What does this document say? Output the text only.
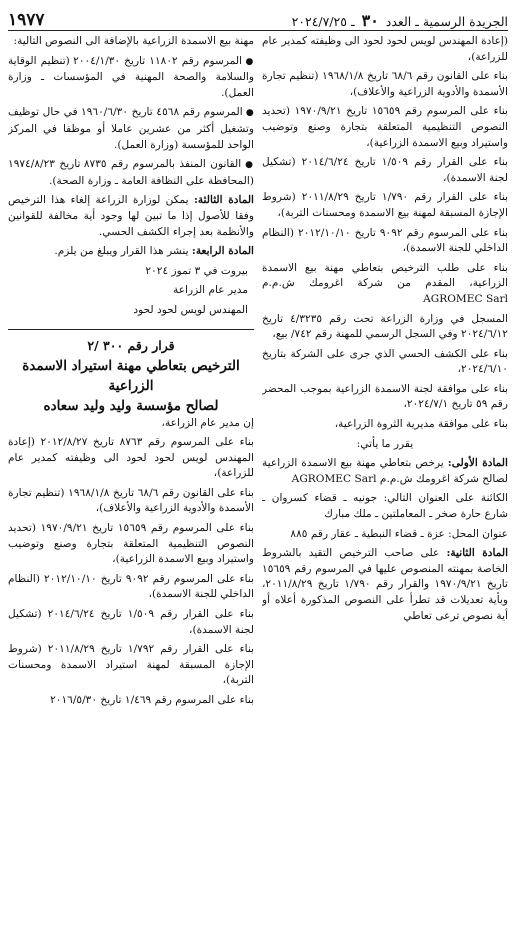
الجريدة الرسمية ـ العدد ٣٠ ـ ٢٠٢٤/٧/٢٥
١٩٧٧

(إعادة المهندس لويس لحود لحود الى وظيفته كمدير عام للزراعة)،

بناء على القانون رقم ٦٨/٦ تاريخ ١٩٦٨/١/٨ (تنظيم تجارة الأسمدة والأدوية الزراعية والأعلاف)،

بناء على المرسوم رقم ١٥٦٥٩ تاريخ ١٩٧٠/٩/٢١ (تحديد النصوص التنظيمية المتعلقة بتجارة وصنع وتوضيب واستيراد وبيع الاسمدة الزراعية)،

بناء على القرار رقم ١/٥٠٩ تاريخ ٢٠١٤/٦/٢٤ (تشكيل لجنة الاسمدة)،

بناء على القرار رقم ١/٧٩٠ تاريخ ٢٠١١/٨/٢٩ (شروط الإجازة المسبقة لمهنة بيع الاسمدة ومحسنات التربة)،

بناء على المرسوم رقم ٩٠٩٢ تاريخ ٢٠١٢/١٠/١٠ (النظام الداخلي للجنة الاسمدة)،

بناء على طلب الترخيص بتعاطي مهنة بيع الاسمدة الزراعية، المقدم من شركة اغرومك ش.م.م AGROMEC Sarl

المسجل في وزارة الزراعة تحت رقم ٤/٣٢٣٥ تاريخ ٢٠٢٤/٦/١٢ وفي السجل الرسمي للمهنة رقم ٧٤٢/ بيع،

بناء على الكشف الحسي الذي جرى على الشركة بتاريخ ٢٠٢٤/٦/١٠،

بناء على موافقة لجنة الاسمدة الزراعية بموجب المحضر رقم ٥٩ تاريخ ٢٠٢٤/٧/١،

بناء على موافقة مديرية الثروة الزراعية،

يقرر ما يأتي:

المادة الأولى: يرخص بتعاطي مهنة بيع الاسمدة الزراعية لصالح شركة اغرومك ش.م.م AGROMEC Sarl

الكائنة على العنوان التالي: جونيه ـ قضاء كسروان ـ شارع حارة صخر ـ المعاملتين ـ ملك مبارك

عنوان المحل: عزة ـ قضاء النبطية ـ عقار رقم ٨٨٥

المادة الثانية: على صاحب الترخيص التقيد بالشروط الخاصة بمهنته المنصوص عليها في المرسوم رقم ١٥٦٥٩ تاريخ ١٩٧٠/٩/٢١ والقرار رقم ١/٧٩٠ تاريخ ٢٠١١/٨/٢٩، وبأية تعديلات قد تطرأ على النصوص المذكورة أعلاه أو أية نصوص ترعى تعاطي

مهنة بيع الاسمدة الزراعية بالإضافة الى النصوص التالية:

● المرسوم رقم ١١٨٠٢ تاريخ ٢٠٠٤/١/٣٠ (تنظيم الوقاية والسلامة والصحة المهنية في المؤسسات ـ وزارة العمل).

● المرسوم رقم ٤٥٦٨ تاريخ ١٩٦٠/٦/٣٠ في حال توظيف وتشغيل أكثر من عشرين عاملا أو موظفا في المركز الواحد للمؤسسة (وزارة العمل).

● القانون المنفذ بالمرسوم رقم ٨٧٣٥ تاريخ ١٩٧٤/٨/٢٣ (المحافظة على النظافة العامة ـ وزارة الصحة).

المادة الثالثة: يمكن لوزارة الزراعة إلغاء هذا الترخيص وفقا للأصول إذا ما تبين لها وجود أية مخالفة للقوانين والأنظمة بعد إجراء الكشف الحسي.

المادة الرابعة: ينشر هذا القرار ويبلغ من يلزم.

بيروت في ٣ تموز ٢٠٢٤
مدير عام الزراعة
المهندس لويس لحود لحود
قرار رقم ٣٠٠ /٢
الترخيص بتعاطي مهنة استيراد الاسمدة الزراعية
لصالح مؤسسة وليد وليد سعاده

إن مدير عام الزراعة،

بناء على المرسوم رقم ٨٧٦٣ تاريخ ٢٠١٢/٨/٢٧ (إعادة المهندس لويس لحود لحود الى وظيفته كمدير عام للزراعة)،

بناء على القانون رقم ٦٨/٦ تاريخ ١٩٦٨/١/٨ (تنظيم تجارة الأسمدة والأدوية الزراعية والأعلاف)،

بناء على المرسوم رقم ١٥٦٥٩ تاريخ ١٩٧٠/٩/٢١ (تحديد النصوص التنظيمية المتعلقة بتجارة وصنع وتوضيب واستيراد وبيع الاسمدة الزراعية)،

بناء على المرسوم رقم ٩٠٩٢ تاريخ ٢٠١٢/١٠/١٠ (النظام الداخلي للجنة الاسمدة)،

بناء على القرار رقم ١/٥٠٩ تاريخ ٢٠١٤/٦/٢٤ (تشكيل لجنة الاسمدة)،

بناء على القرار رقم ١/٧٩٢ تاريخ ٢٠١١/٨/٢٩ (شروط الإجازة المسبقة لمهنة استيراد الاسمدة ومحسنات التربة)،

بناء على المرسوم رقم ١/٤٦٩ تاريخ ٢٠١٦/٥/٣٠
